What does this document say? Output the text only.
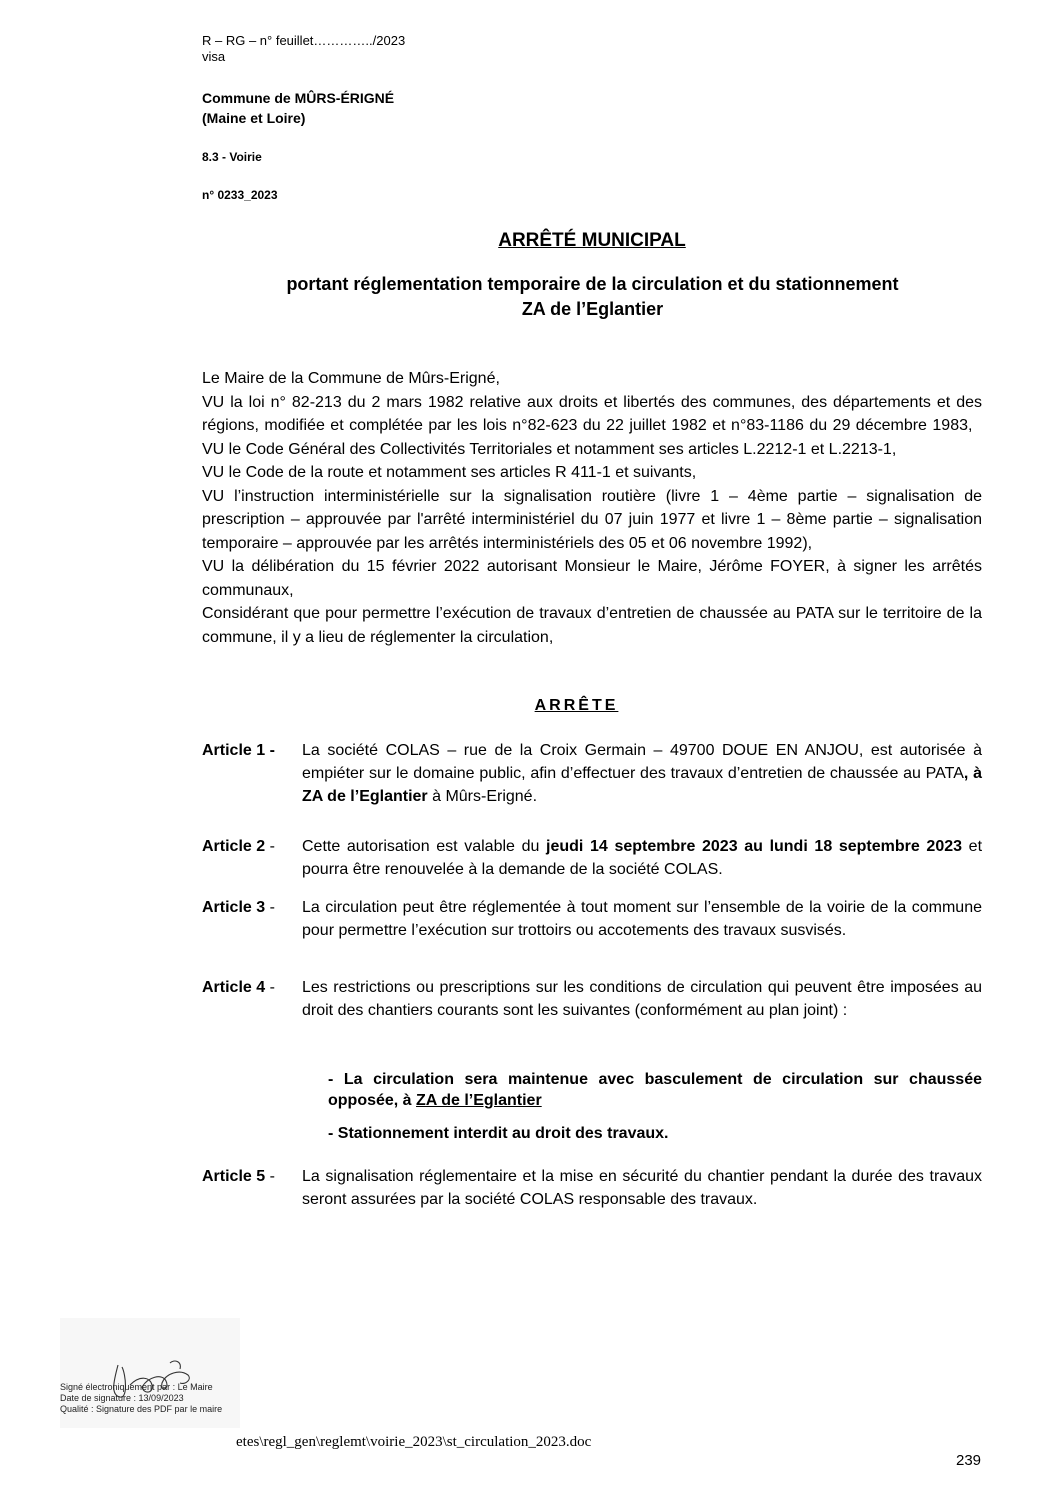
R – RG – n° feuillet…………../2023
visa
Commune de MÛRS-ÉRIGNÉ
(Maine et Loire)
8.3 - Voirie
n° 0233_2023
ARRÊTÉ MUNICIPAL
portant réglementation temporaire de la circulation et du stationnement
ZA de l’Eglantier

Le Maire de la Commune de Mûrs-Erigné,

VU la loi n° 82-213 du 2 mars 1982 relative aux droits et libertés des communes, des départements et des régions, modifiée et complétée par les lois n°82-623 du 22 juillet 1982 et n°83-1186 du 29 décembre 1983,

VU le Code Général des Collectivités Territoriales et notamment ses articles L.2212-1 et L.2213-1,

VU le Code de la route et notamment ses articles R 411-1 et suivants,

VU l’instruction interministérielle sur la signalisation routière (livre 1 – 4ème partie – signalisation de prescription – approuvée par l'arrêté interministériel du 07 juin 1977 et livre 1 – 8ème partie – signalisation temporaire – approuvée par les arrêtés interministériels des 05 et 06 novembre 1992),

VU la délibération du 15 février 2022 autorisant Monsieur le Maire, Jérôme FOYER, à signer les arrêtés communaux,

Considérant que pour permettre l’exécution de travaux d’entretien de chaussée au PATA sur le territoire de la commune, il y a lieu de réglementer la circulation,

ARRÊTE
Article 1 -	La société COLAS – rue de la Croix Germain – 49700 DOUE EN ANJOU, est autorisée à empiéter sur le domaine public, afin d’effectuer des travaux d’entretien de chaussée au PATA, à ZA de l’Eglantier à Mûrs-Erigné.

Article 2 -	Cette autorisation est valable du jeudi 14 septembre 2023 au lundi 18 septembre 2023 et pourra être renouvelée à la demande de la société COLAS.

Article 3 -	La circulation peut être réglementée à tout moment sur l’ensemble de la voirie de la commune pour permettre l’exécution sur trottoirs ou accotements des travaux susvisés.
Article 4 -	Les restrictions ou prescriptions sur les conditions de circulation qui peuvent être imposées au droit des chantiers courants sont les suivantes (conformément au plan joint) :
- La circulation sera maintenue avec basculement de circulation sur chaussée opposée, à ZA de l’Eglantier
- Stationnement interdit au droit des travaux.
Article 5 -	La signalisation réglementaire et la mise en sécurité du chantier pendant la durée des travaux seront assurées par la société COLAS responsable des travaux.
Signé électroniquement par : Le Maire
Date de signature : 13/09/2023
Qualité : Signature des PDF par le maire
etes\regl_gen\reglemt\voirie_2023\st_circulation_2023.doc
239
